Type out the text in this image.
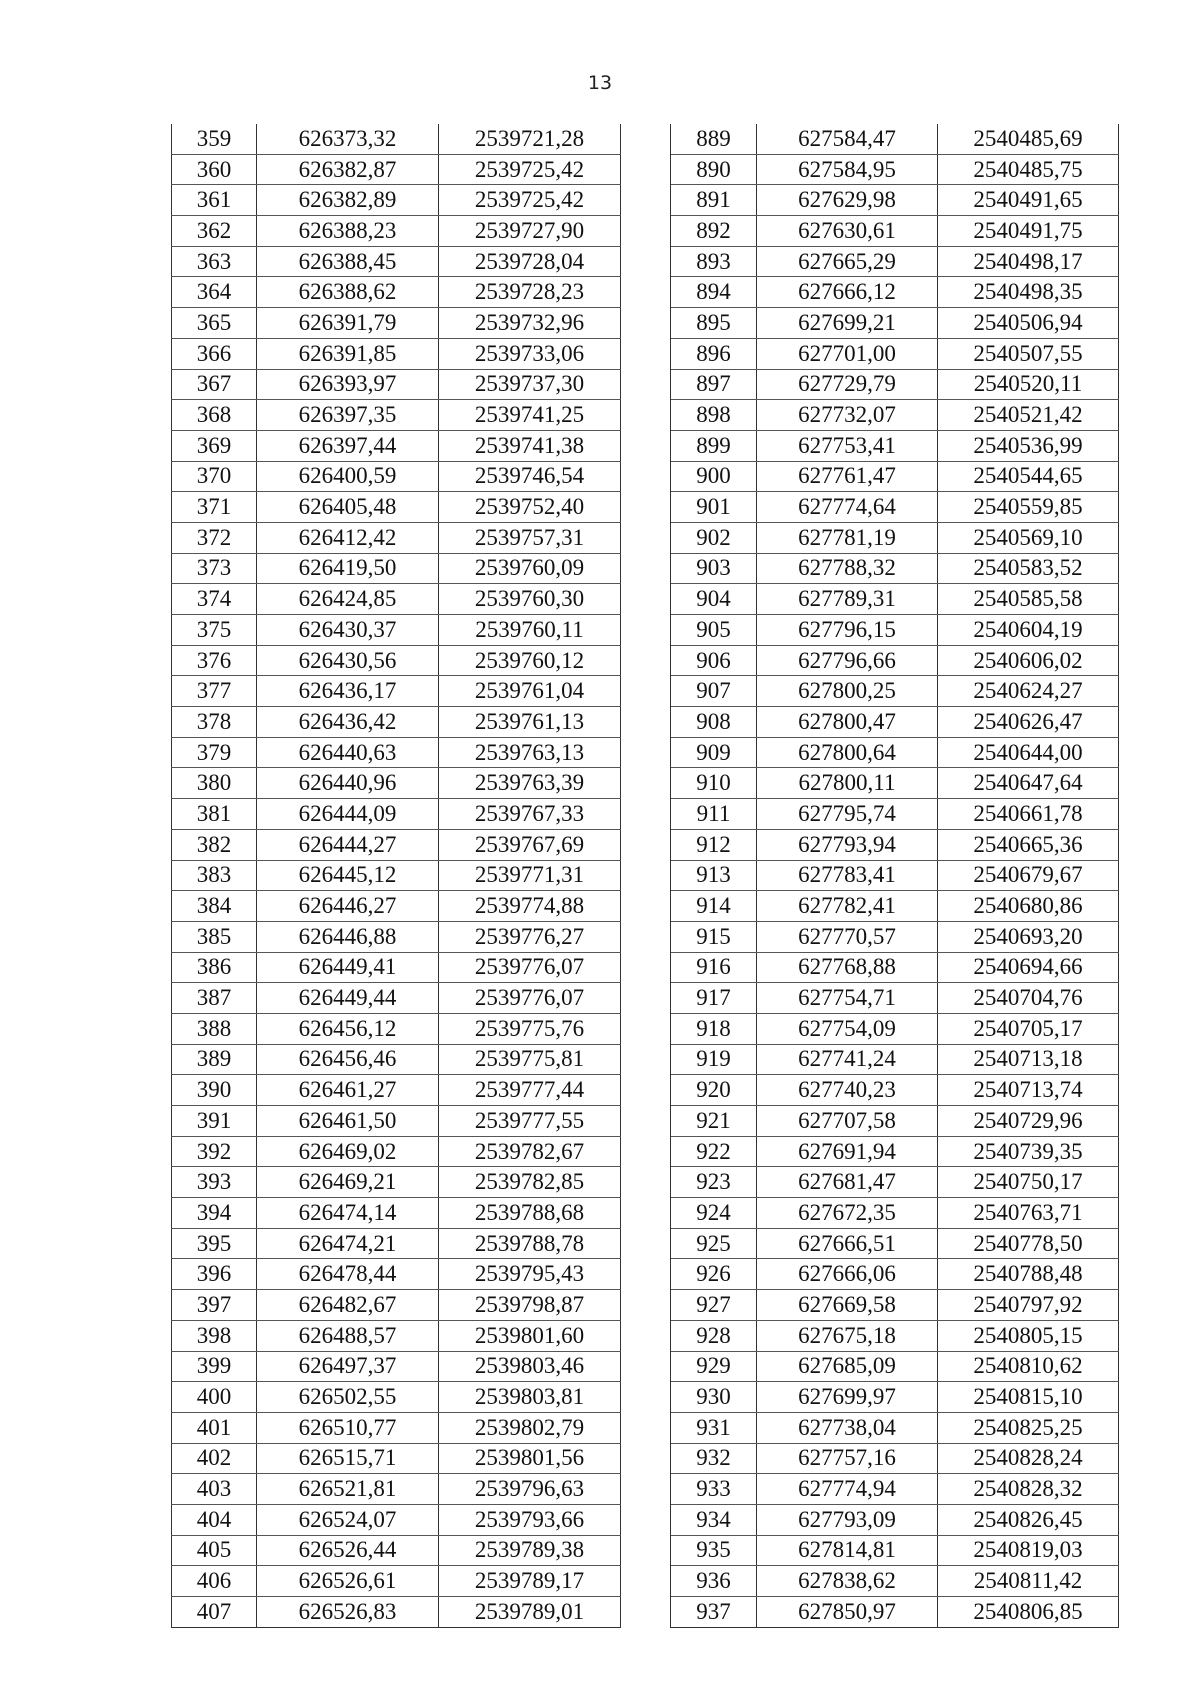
13
359	626373,32	2539721,28		889	627584,47	2540485,69
360	626382,87	2539725,42		890	627584,95	2540485,75
361	626382,89	2539725,42		891	627629,98	2540491,65
362	626388,23	2539727,90		892	627630,61	2540491,75
363	626388,45	2539728,04		893	627665,29	2540498,17
364	626388,62	2539728,23		894	627666,12	2540498,35
365	626391,79	2539732,96		895	627699,21	2540506,94
366	626391,85	2539733,06		896	627701,00	2540507,55
367	626393,97	2539737,30		897	627729,79	2540520,11
368	626397,35	2539741,25		898	627732,07	2540521,42
369	626397,44	2539741,38		899	627753,41	2540536,99
370	626400,59	2539746,54		900	627761,47	2540544,65
371	626405,48	2539752,40		901	627774,64	2540559,85
372	626412,42	2539757,31		902	627781,19	2540569,10
373	626419,50	2539760,09		903	627788,32	2540583,52
374	626424,85	2539760,30		904	627789,31	2540585,58
375	626430,37	2539760,11		905	627796,15	2540604,19
376	626430,56	2539760,12		906	627796,66	2540606,02
377	626436,17	2539761,04		907	627800,25	2540624,27
378	626436,42	2539761,13		908	627800,47	2540626,47
379	626440,63	2539763,13		909	627800,64	2540644,00
380	626440,96	2539763,39		910	627800,11	2540647,64
381	626444,09	2539767,33		911	627795,74	2540661,78
382	626444,27	2539767,69		912	627793,94	2540665,36
383	626445,12	2539771,31		913	627783,41	2540679,67
384	626446,27	2539774,88		914	627782,41	2540680,86
385	626446,88	2539776,27		915	627770,57	2540693,20
386	626449,41	2539776,07		916	627768,88	2540694,66
387	626449,44	2539776,07		917	627754,71	2540704,76
388	626456,12	2539775,76		918	627754,09	2540705,17
389	626456,46	2539775,81		919	627741,24	2540713,18
390	626461,27	2539777,44		920	627740,23	2540713,74
391	626461,50	2539777,55		921	627707,58	2540729,96
392	626469,02	2539782,67		922	627691,94	2540739,35
393	626469,21	2539782,85		923	627681,47	2540750,17
394	626474,14	2539788,68		924	627672,35	2540763,71
395	626474,21	2539788,78		925	627666,51	2540778,50
396	626478,44	2539795,43		926	627666,06	2540788,48
397	626482,67	2539798,87		927	627669,58	2540797,92
398	626488,57	2539801,60		928	627675,18	2540805,15
399	626497,37	2539803,46		929	627685,09	2540810,62
400	626502,55	2539803,81		930	627699,97	2540815,10
401	626510,77	2539802,79		931	627738,04	2540825,25
402	626515,71	2539801,56		932	627757,16	2540828,24
403	626521,81	2539796,63		933	627774,94	2540828,32
404	626524,07	2539793,66		934	627793,09	2540826,45
405	626526,44	2539789,38		935	627814,81	2540819,03
406	626526,61	2539789,17		936	627838,62	2540811,42
407	626526,83	2539789,01		937	627850,97	2540806,85
